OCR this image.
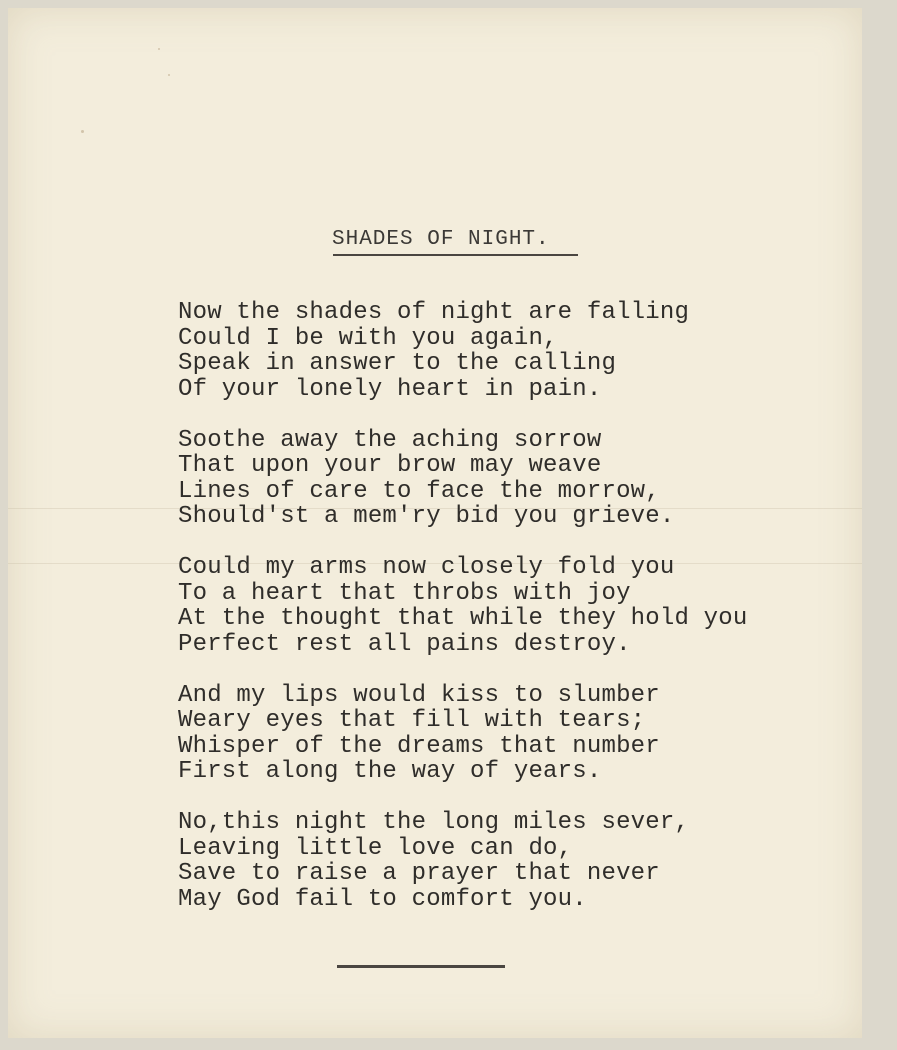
SHADES OF NIGHT.
Now the shades of night are falling
Could I be with you again,
Speak in answer to the calling
Of your lonely heart in pain.
Soothe away the aching sorrow
That upon your brow may weave
Lines of care to face the morrow,
Should'st a mem'ry bid you grieve.
Could my arms now closely fold you
To a heart that throbs with joy
At the thought that while they hold you
Perfect rest all pains destroy.
And my lips would kiss to slumber
Weary eyes that fill with tears;
Whisper of the dreams that number
First along the way of years.
No,this night the long miles sever,
Leaving little love can do,
Save to raise a prayer that never
May God fail to comfort you.
